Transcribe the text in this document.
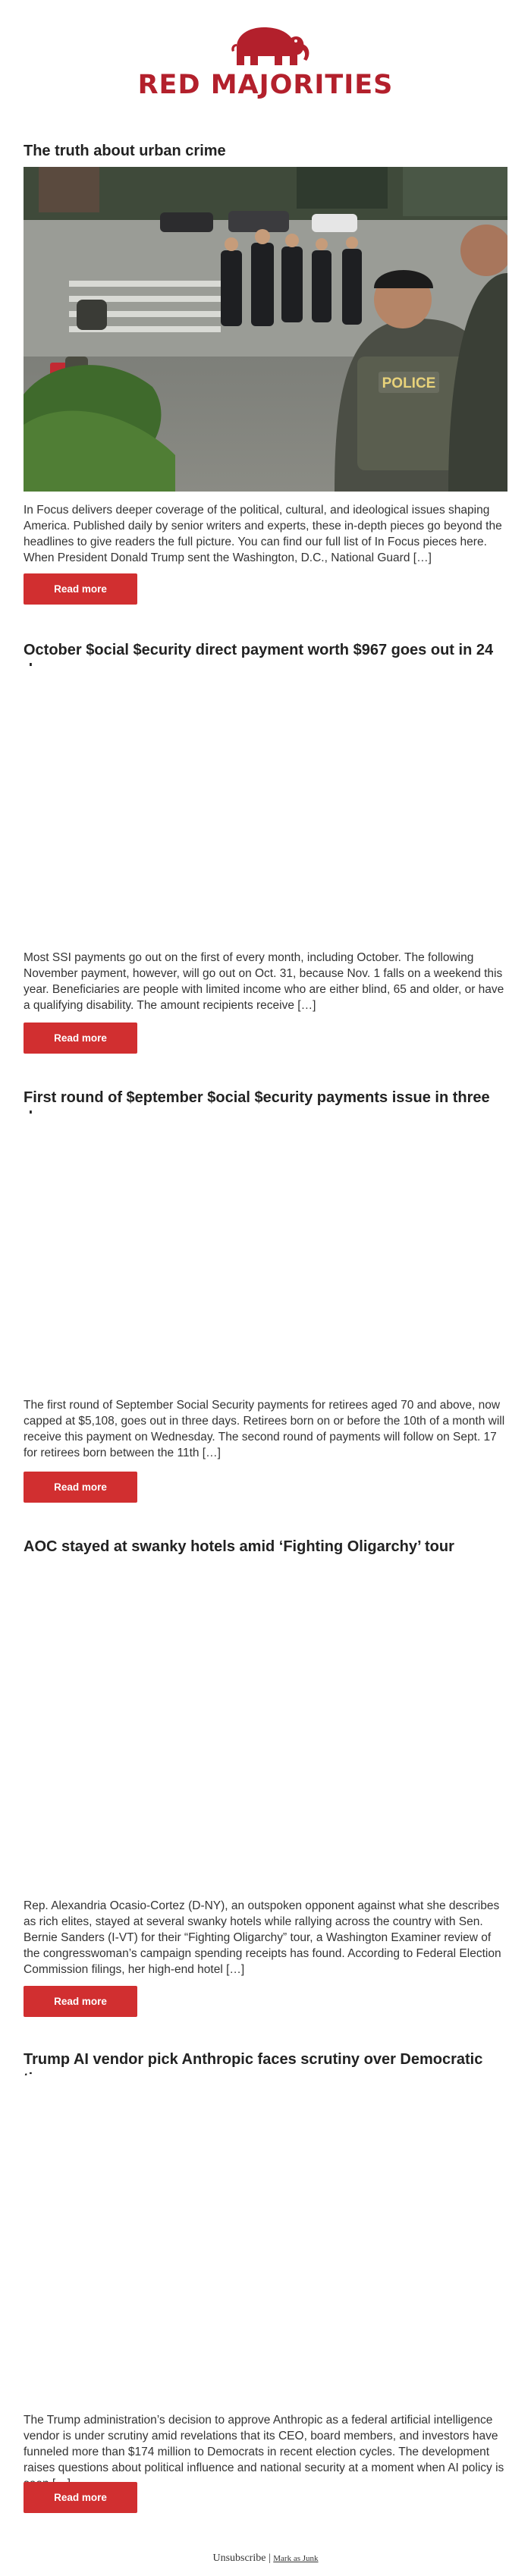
RED MAJORITIES
The truth about urban crime
POLICE

In Focus delivers deeper coverage of the political, cultural, and ideological issues shaping America. Published daily by senior writers and experts, these in-depth pieces go beyond the headlines to give readers the full picture. You can find our full list of In Focus pieces here. When President Donald Trump sent the Washington, D.C., National Guard […]

Read more
October $ocial $ecurity direct payment worth $967 goes out in 24

Most SSI payments go out on the first of every month, including October. The following November payment, however, will go out on Oct. 31, because Nov. 1 falls on a weekend this year. Beneficiaries are people with limited income who are either blind, 65 and older, or have a qualifying disability. The amount recipients receive […]

Read more
First round of $eptember $ocial $ecurity payments issue in three

The first round of September Social Security payments for retirees aged 70 and above, now capped at $5,108, goes out in three days. Retirees born on or before the 10th of a month will receive this payment on Wednesday. The second round of payments will follow on Sept. 17 for retirees born between the 11th […]

Read more
AOC stayed at swanky hotels amid ‘Fighting Oligarchy’ tour

Rep. Alexandria Ocasio-Cortez (D-NY), an outspoken opponent against what she describes as rich elites, stayed at several swanky hotels while rallying across the country with Sen. Bernie Sanders (I-VT) for their “Fighting Oligarchy” tour, a Washington Examiner review of the congresswoman’s campaign spending receipts has found. According to Federal Election Commission filings, her high-end hotel […]

Read more
Trump AI vendor pick Anthropic faces scrutiny over Democratic

The Trump administration’s decision to approve Anthropic as a federal artificial intelligence vendor is under scrutiny amid revelations that its CEO, board members, and investors have funneled more than $174 million to Democrats in recent election cycles. The development raises questions about political influence and national security at a moment when AI policy is

Read more
Unsubscribe | Mark as Junk
